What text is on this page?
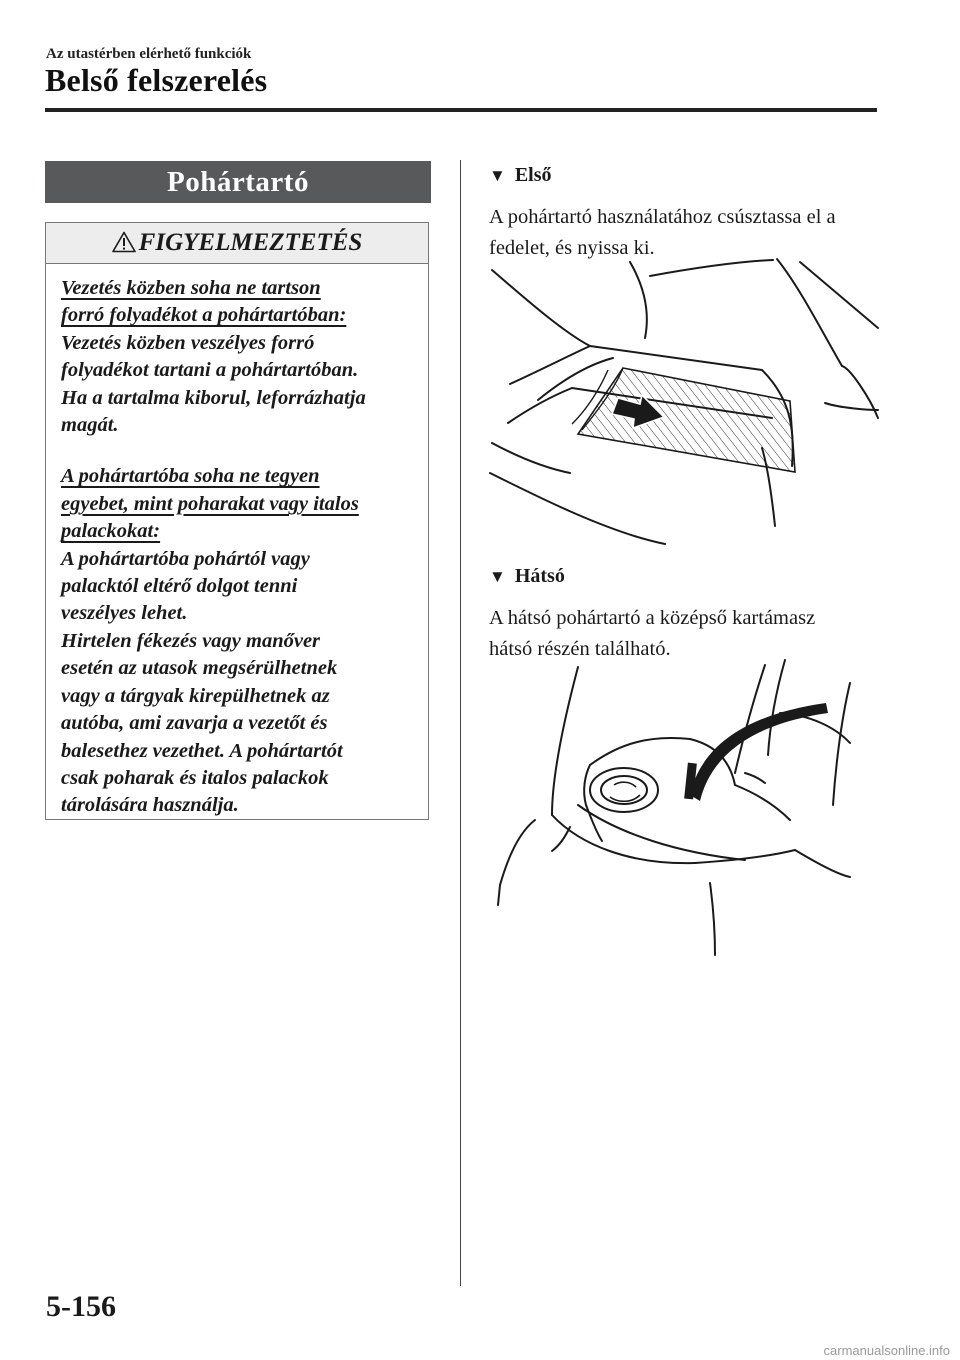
Az utastérben elérhető funkciók
Belső felszerelés
Pohártartó
FIGYELMEZTETÉS

Vezetés közben soha ne tartson

forró folyadékot a pohártartóban:

Vezetés közben veszélyes forró

folyadékot tartani a pohártartóban.

Ha a tartalma kiborul, leforrázhatja

magát.

A pohártartóba soha ne tegyen

egyebet, mint poharakat vagy italos

palackokat:

A pohártartóba pohártól vagy

palacktól eltérő dolgot tenni

veszélyes lehet.

Hirtelen fékezés vagy manőver

esetén az utasok megsérülhetnek

vagy a tárgyak kirepülhetnek az

autóba, ami zavarja a vezetőt és

balesethez vezethet. A pohártartót

csak poharak és italos palackok

tárolására használja.

▼ Első
A pohártartó használatához csúsztassa el a
fedelet, és nyissa ki.
▼ Hátsó
A hátsó pohártartó a középső kartámasz
hátsó részén található.
5-156
carmanualsonline.info
